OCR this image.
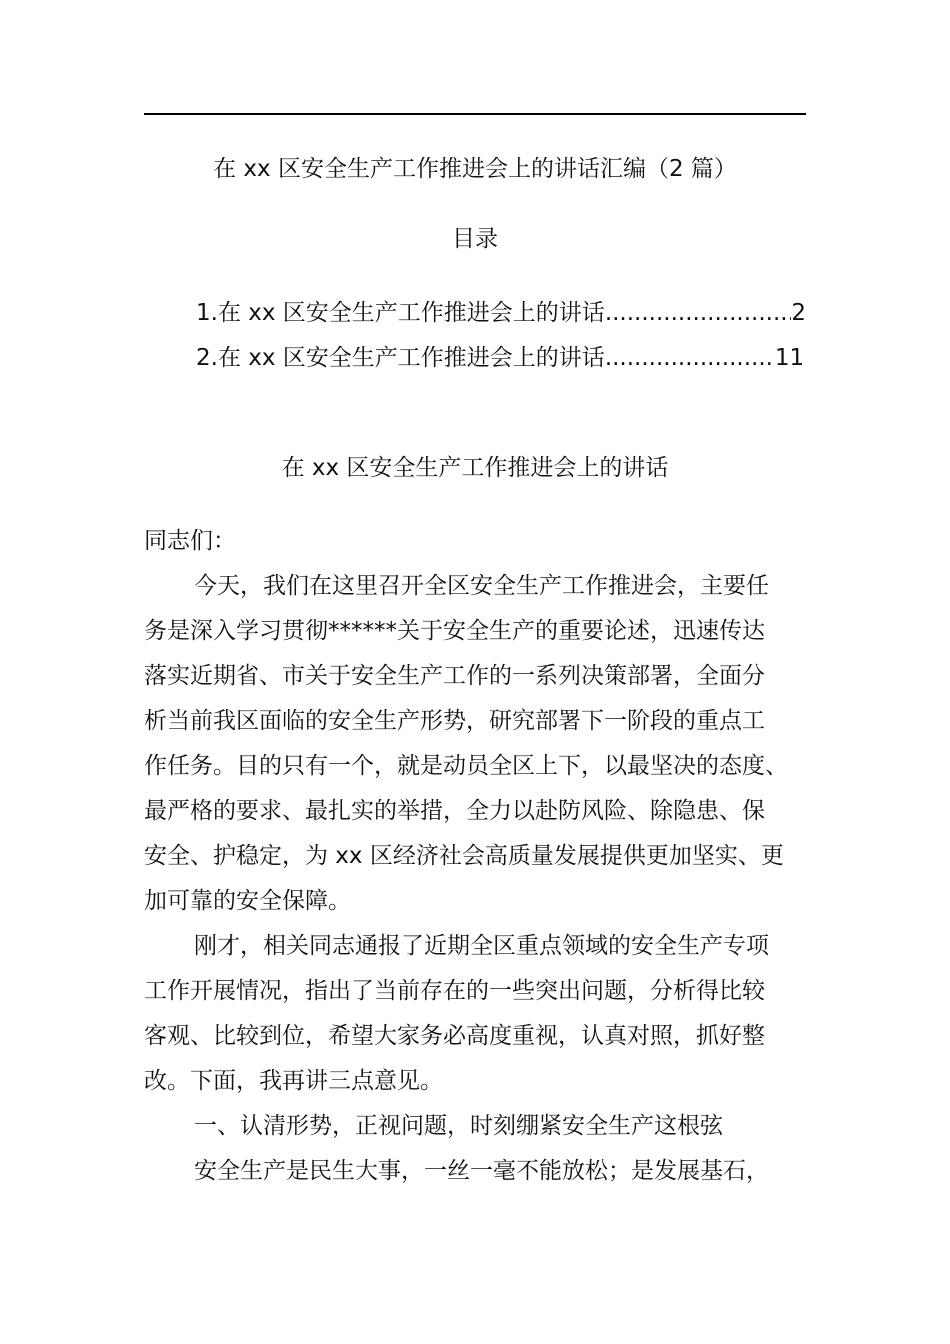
在 xx 区安全生产工作推进会上的讲话汇编（2 篇）
目录
1. 在 xx 区安全生产工作推进会上的讲话 .....	2
2. 在 xx 区安全生产工作推进会上的讲话 .....	11
在 xx 区安全生产工作推进会上的讲话
同志们：
今天，我们在这里召开全区安全生产工作推进会，主要任
务是深入学习贯彻******关于安全生产的重要论述，迅速传达
落实近期省、市关于安全生产工作的一系列决策部署，全面分
析当前我区面临的安全生产形势，研究部署下一阶段的重点工
作任务。目的只有一个，就是动员全区上下，以最坚决的态度、
最严格的要求、最扎实的举措，全力以赴防风险、除隐患、保
安全、护稳定，为 xx 区经济社会高质量发展提供更加坚实、更
加可靠的安全保障。
刚才，相关同志通报了近期全区重点领域的安全生产专项
工作开展情况，指出了当前存在的一些突出问题，分析得比较
客观、比较到位，希望大家务必高度重视，认真对照，抓好整
改。下面，我再讲三点意见。
一、认清形势，正视问题，时刻绷紧安全生产这根弦
安全生产是民生大事，一丝一毫不能放松；是发展基石，
